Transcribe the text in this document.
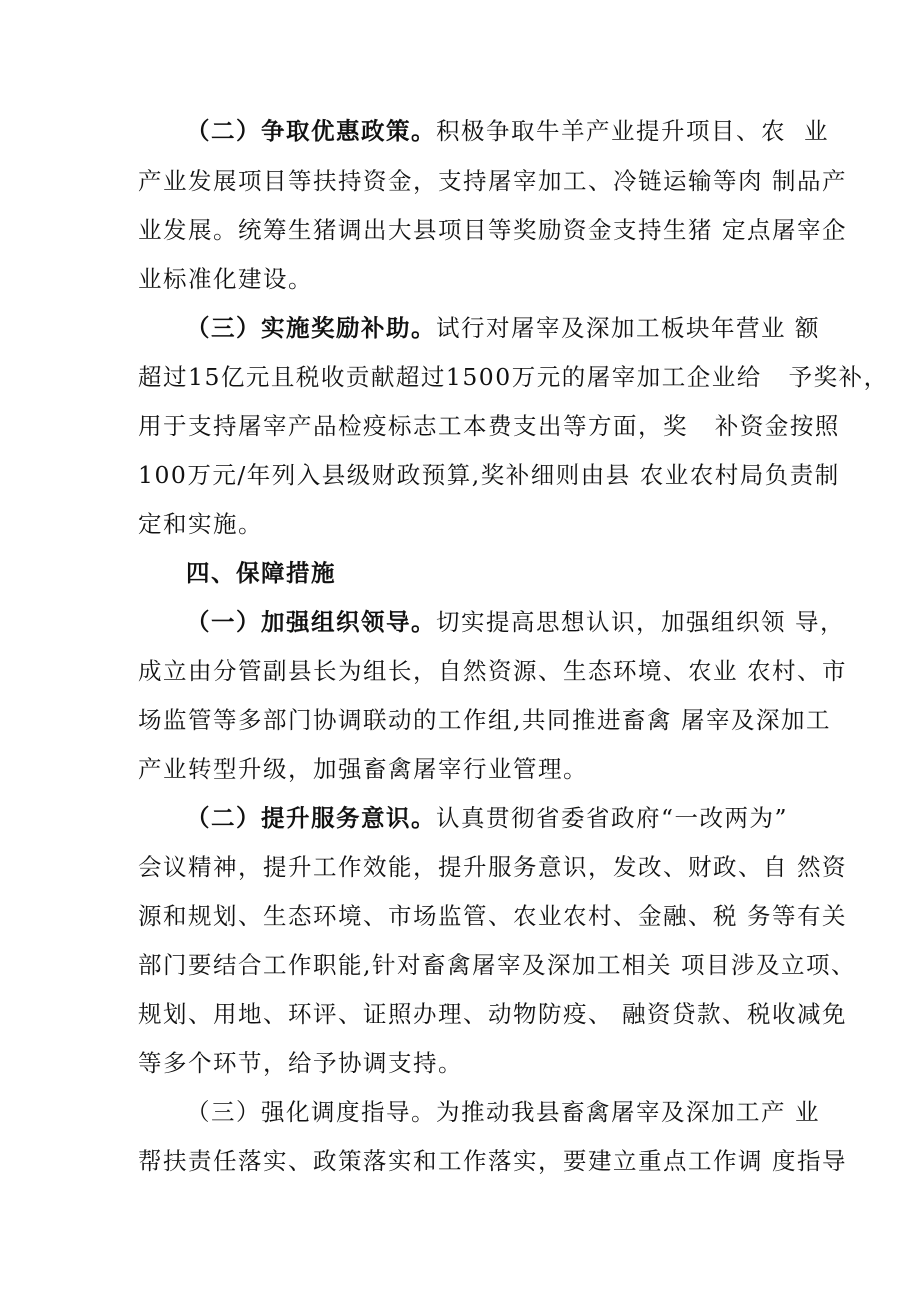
（二）争取优惠政策。积极争取牛羊产业提升项目、农  业
产业发展项目等扶持资金，支持屠宰加工、冷链运输等肉 制品产
业发展。统筹生猪调出大县项目等奖励资金支持生猪 定点屠宰企
业标准化建设。
（三）实施奖励补助。试行对屠宰及深加工板块年营业 额
超过15亿元且税收贡献超过1500万元的屠宰加工企业给   予奖补，
用于支持屠宰产品检疫标志工本费支出等方面，奖   补资金按照
100万元/年列入县级财政预算,奖补细则由县 农业农村局负责制
定和实施。
四、保障措施
（一）加强组织领导。切实提高思想认识，加强组织领 导，
成立由分管副县长为组长，自然资源、生态环境、农业 农村、市
场监管等多部门协调联动的工作组,共同推进畜禽 屠宰及深加工
产业转型升级，加强畜禽屠宰行业管理。
（二）提升服务意识。认真贯彻省委省政府“一改两为”
会议精神，提升工作效能，提升服务意识，发改、财政、自 然资
源和规划、生态环境、市场监管、农业农村、金融、税 务等有关
部门要结合工作职能,针对畜禽屠宰及深加工相关 项目涉及立项、
规划、用地、环评、证照办理、动物防疫、 融资贷款、税收减免
等多个环节，给予协调支持。
（三）强化调度指导。为推动我县畜禽屠宰及深加工产 业
帮扶责任落实、政策落实和工作落实，要建立重点工作调 度指导
